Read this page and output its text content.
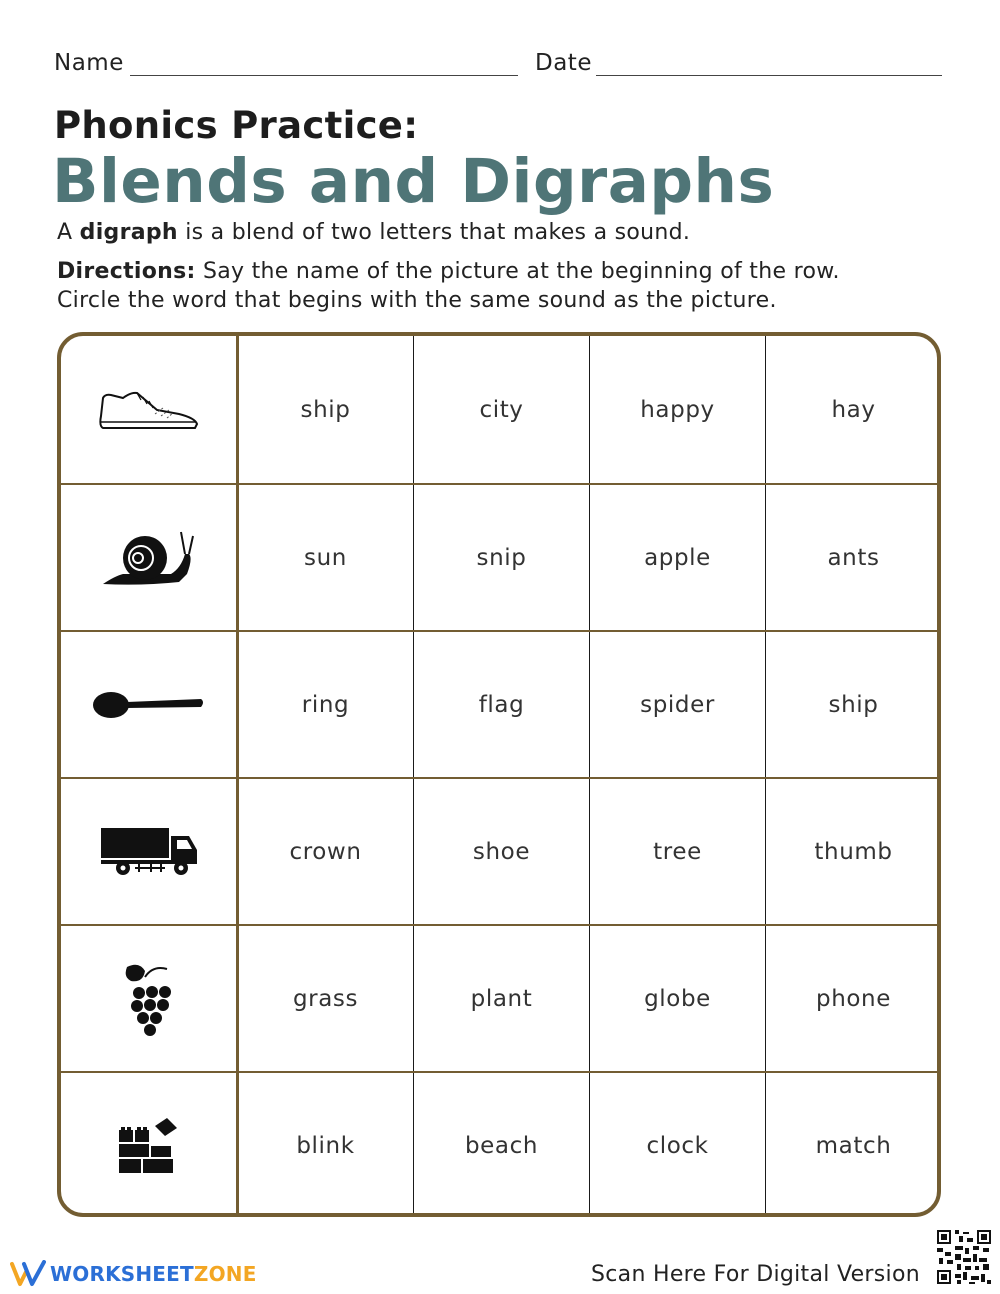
Name	Date
Phonics Practice:
Blends and Digraphs
A digraph is a blend of two letters that makes a sound.

Directions: Say the name of the picture at the beginning of the row.

Circle the word that begins with the same sound as the picture.

ship	city	happy	hay
sun	snip	apple	ants
ring	flag	spider	ship
crown	shoe	tree	thumb
grass	plant	globe	phone
blink	beach	clock	match
WORKSHEETZONE	Scan Here For Digital Version
